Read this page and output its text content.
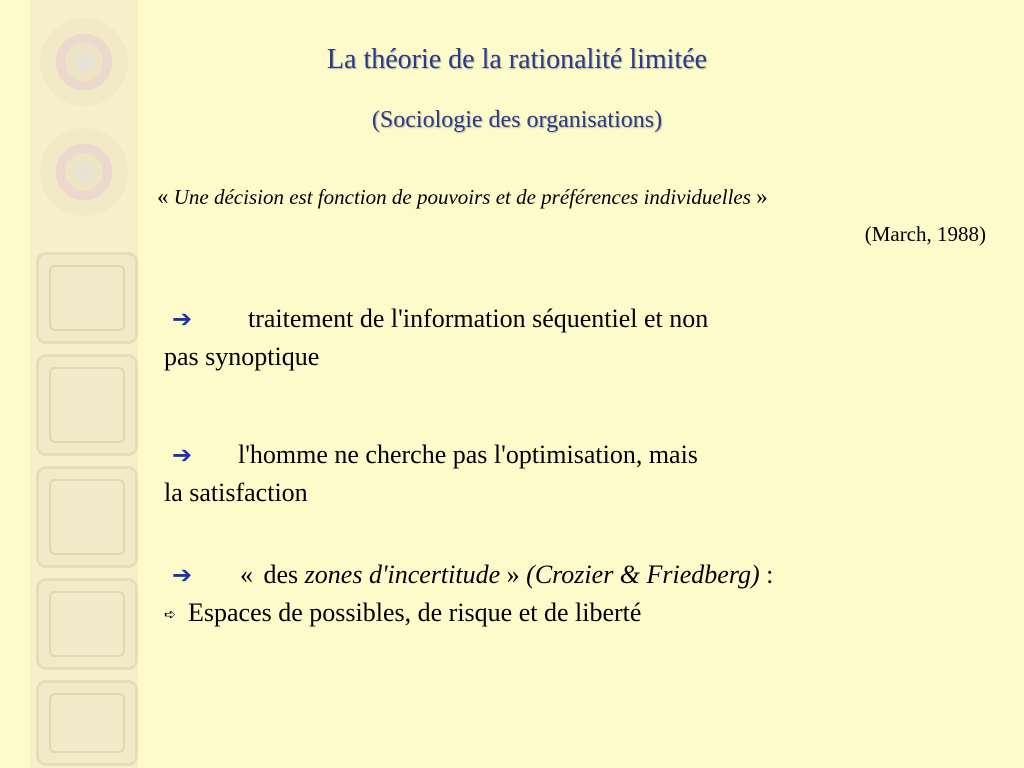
La théorie de la rationalité limitée
(Sociologie des organisations)
« Une décision est fonction de pouvoirs et de préférences individuelles »
(March, 1988)
➔ traitement de l'information séquentiel et non
pas synoptique
➔ l'homme ne cherche pas l'optimisation, mais
la satisfaction
➔ « des zones d'incertitude » (Crozier & Friedberg) :
➪ Espaces de possibles, de risque et de liberté
